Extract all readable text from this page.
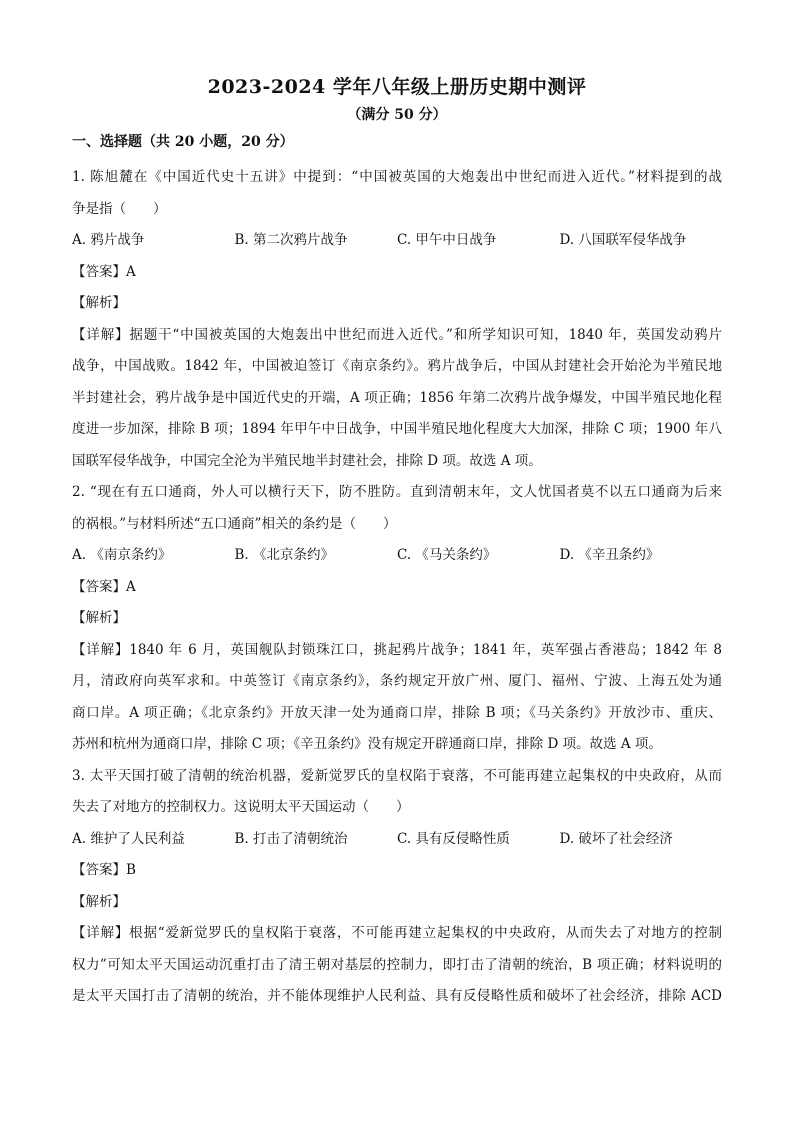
2023-2024 学年八年级上册历史期中测评
（满分 50 分）
一、选择题（共 20 小题，20 分）
1. 陈旭麓在《中国近代史十五讲》中提到：“中国被英国的大炮轰出中世纪而进入近代。”材料提到的战
争是指（　　）
A. 鸦片战争	B. 第二次鸦片战争	C. 甲午中日战争	D. 八国联军侵华战争
【答案】A
【解析】
【详解】据题干“中国被英国的大炮轰出中世纪而进入近代。”和所学知识可知，1840 年，英国发动鸦片
战争，中国战败。1842 年，中国被迫签订《南京条约》。鸦片战争后，中国从封建社会开始沦为半殖民地
半封建社会，鸦片战争是中国近代史的开端，A 项正确；1856 年第二次鸦片战争爆发，中国半殖民地化程
度进一步加深，排除 B 项；1894 年甲午中日战争，中国半殖民地化程度大大加深，排除 C 项；1900 年八
国联军侵华战争，中国完全沦为半殖民地半封建社会，排除 D 项。故选 A 项。
2. “现在有五口通商，外人可以横行天下，防不胜防。直到清朝末年，文人忧国者莫不以五口通商为后来
的祸根。”与材料所述“五口通商”相关的条约是（　　）
A. 《南京条约》	B. 《北京条约》	C. 《马关条约》	D. 《辛丑条约》
【答案】A
【解析】
【详解】1840 年 6 月，英国舰队封锁珠江口，挑起鸦片战争；1841 年，英军强占香港岛；1842 年 8
月，清政府向英军求和。中英签订《南京条约》，条约规定开放广州、厦门、福州、宁波、上海五处为通
商口岸。A 项正确；《北京条约》开放天津一处为通商口岸，排除 B 项；《马关条约》开放沙市、重庆、
苏州和杭州为通商口岸，排除 C 项；《辛丑条约》没有规定开辟通商口岸，排除 D 项。故选 A 项。
3. 太平天国打破了清朝的统治机器，爱新觉罗氏的皇权陷于衰落，不可能再建立起集权的中央政府，从而
失去了对地方的控制权力。这说明太平天国运动（　　）
A. 维护了人民利益	B. 打击了清朝统治	C. 具有反侵略性质	D. 破坏了社会经济
【答案】B
【解析】
【详解】根据“爱新觉罗氏的皇权陷于衰落，不可能再建立起集权的中央政府，从而失去了对地方的控制
权力”可知太平天国运动沉重打击了清王朝对基层的控制力，即打击了清朝的统治，B 项正确；材料说明的
是太平天国打击了清朝的统治，并不能体现维护人民利益、具有反侵略性质和破坏了社会经济，排除 ACD
